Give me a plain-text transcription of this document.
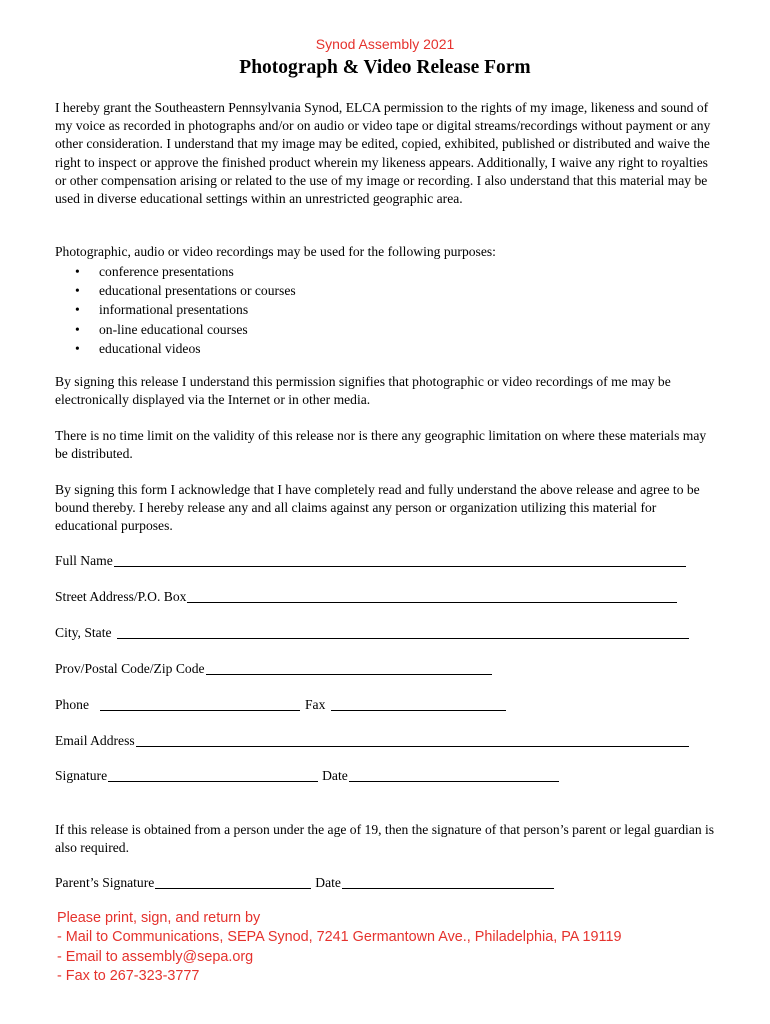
Synod Assembly 2021
Photograph & Video Release Form

I hereby grant the Southeastern Pennsylvania Synod, ELCA permission to the rights of my image, likeness and sound of my voice as recorded in photographs and/or on audio or video tape or digital streams/recordings without payment or any other consideration. I understand that my image may be edited, copied, exhibited, published or distributed and waive the right to inspect or approve the finished product wherein my likeness appears. Additionally, I waive any right to royalties or other compensation arising or related to the use of my image or recording. I also understand that this material may be used in diverse educational settings within an unrestricted geographic area.

Photographic, audio or video recordings may be used for the following purposes:

• conference presentations
• educational presentations or courses
• informational presentations
• on-line educational courses
• educational videos

By signing this release I understand this permission signifies that photographic or video recordings of me may be electronically displayed via the Internet or in other media.

There is no time limit on the validity of this release nor is there any geographic limitation on where these materials may be distributed.

By signing this form I acknowledge that I have completely read and fully understand the above release and agree to be bound thereby. I hereby release any and all claims against any person or organization utilizing this material for educational purposes.

Full Name
Street Address/P.O. Box
City, State
Prov/Postal Code/Zip Code
Phone	Fax
Email Address
Signature	Date

If this release is obtained from a person under the age of 19, then the signature of that person’s parent or legal guardian is also required.

Parent’s Signature	Date
Please print, sign, and return by
- Mail to Communications, SEPA Synod, 7241 Germantown Ave., Philadelphia, PA 19119
- Email to assembly@sepa.org
- Fax to 267-323-3777
